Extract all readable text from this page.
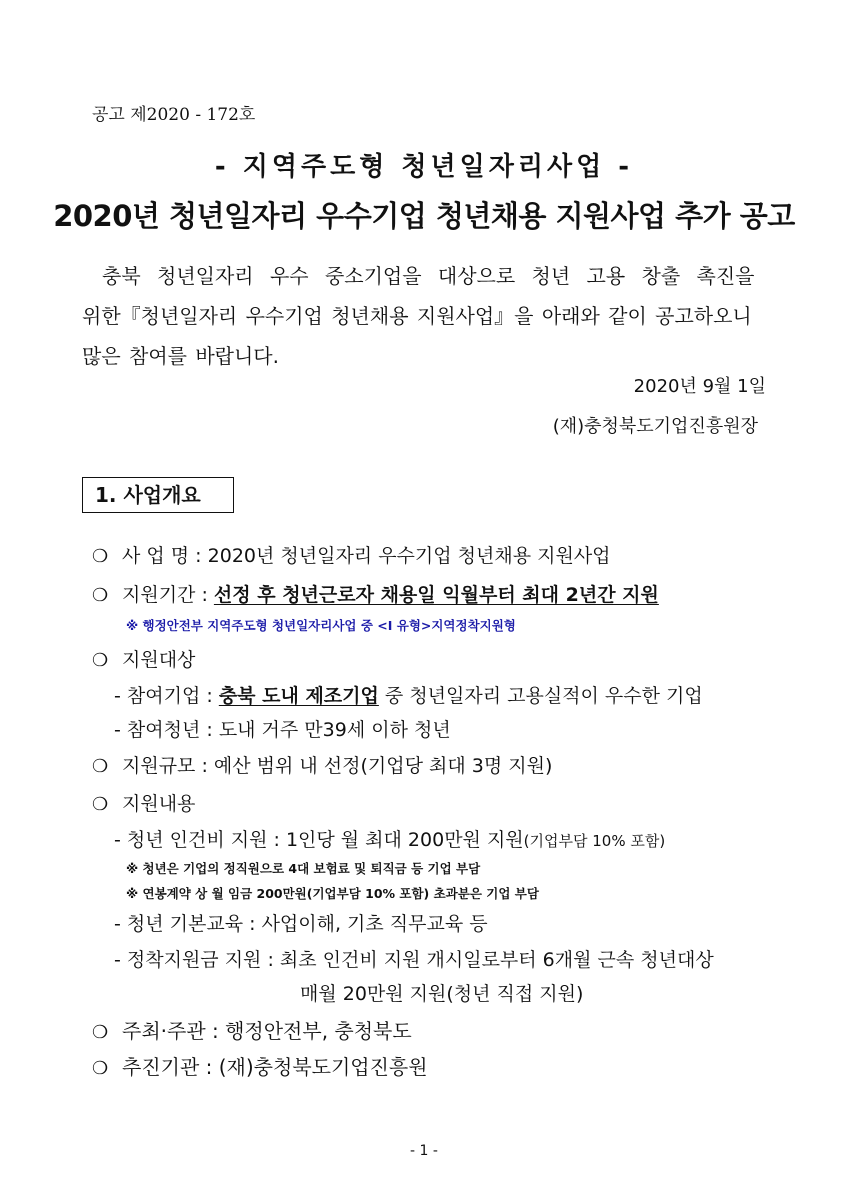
공고 제2020 - 172호
- 지역주도형 청년일자리사업 -
2020년 청년일자리 우수기업 청년채용 지원사업 추가 공고
충북 청년일자리 우수 중소기업을 대상으로 청년 고용 창출 촉진을
위한『청년일자리 우수기업 청년채용 지원사업』을 아래와 같이 공고하오니
많은 참여를 바랍니다.
2020년 9월 1일
(재)충청북도기업진흥원장
1. 사업개요
❍ 사 업 명 : 2020년 청년일자리 우수기업 청년채용 지원사업
❍ 지원기간 : 선정 후 청년근로자 채용일 익월부터 최대 2년간 지원
※ 행정안전부 지역주도형 청년일자리사업 중 <Ⅰ 유형>지역정착지원형
❍ 지원대상
- 참여기업 : 충북 도내 제조기업 중 청년일자리 고용실적이 우수한 기업
- 참여청년 : 도내 거주 만39세 이하 청년
❍ 지원규모 : 예산 범위 내 선정(기업당 최대 3명 지원)
❍ 지원내용
- 청년 인건비 지원 : 1인당 월 최대 200만원 지원(기업부담 10% 포함)
※ 청년은 기업의 정직원으로 4대 보험료 및 퇴직금 등 기업 부담
※ 연봉계약 상 월 임금 200만원(기업부담 10% 포함) 초과분은 기업 부담
- 청년 기본교육 : 사업이해, 기초 직무교육 등
- 정착지원금 지원 : 최초 인건비 지원 개시일로부터 6개월 근속 청년대상
매월 20만원 지원(청년 직접 지원)
❍ 주최·주관 : 행정안전부, 충청북도
❍ 추진기관 : (재)충청북도기업진흥원
- 1 -
